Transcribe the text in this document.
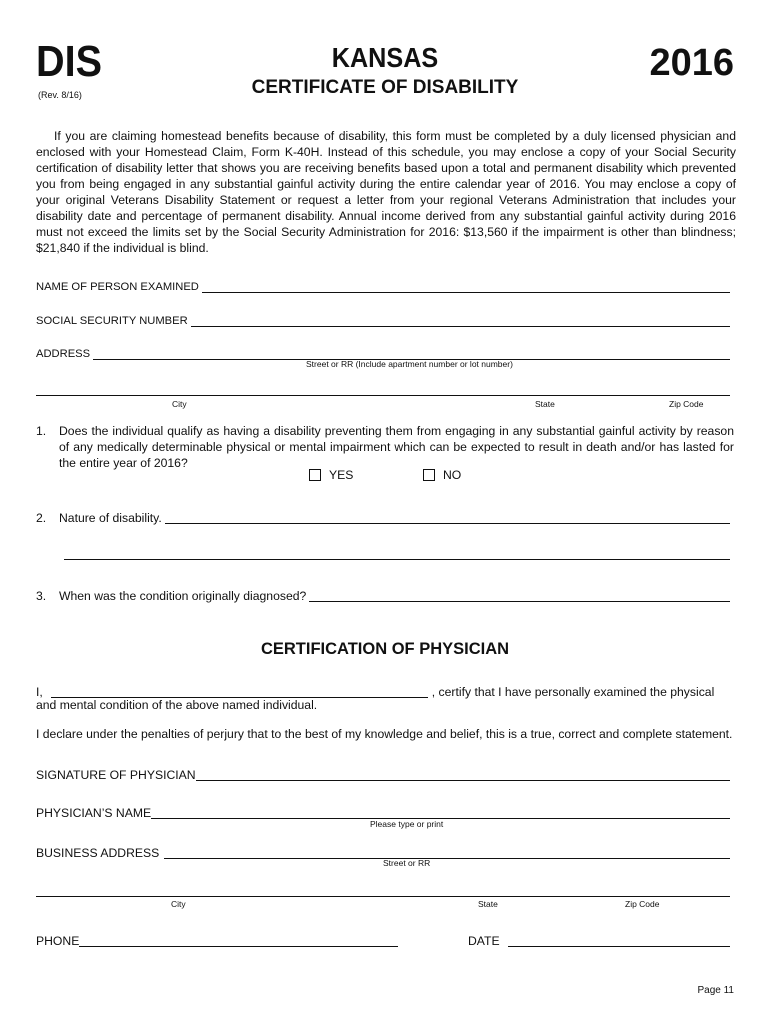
DIS
(Rev. 8/16)
KANSAS
CERTIFICATE OF DISABILITY
2016
If you are claiming homestead benefits because of disability, this form must be completed by a duly licensed physician and enclosed with your Homestead Claim, Form K-40H. Instead of this schedule, you may enclose a copy of your Social Security certification of disability letter that shows you are receiving benefits based upon a total and permanent disability which prevented you from being engaged in any substantial gainful activity during the entire calendar year of 2016. You may enclose a copy of your original Veterans Disability Statement or request a letter from your regional Veterans Administration that includes your disability date and percentage of permanent disability. Annual income derived from any substantial gainful activity during 2016 must not exceed the limits set by the Social Security Administration for 2016: $13,560 if the impairment is other than blindness; $21,840 if the individual is blind.
NAME OF PERSON EXAMINED
SOCIAL SECURITY NUMBER
ADDRESS
Street or RR (Include apartment number or lot number)
City	State	Zip Code
1. Does the individual qualify as having a disability preventing them from engaging in any substantial gainful activity by reason of any medically determinable physical or mental impairment which can be expected to result in death and/or has lasted for the entire year of 2016?
YES	NO
2.	Nature of disability.
3.	When was the condition originally diagnosed?
CERTIFICATION OF PHYSICIAN
I,	, certify that I have personally examined the physical
and mental condition of the above named individual.
I declare under the penalties of perjury that to the best of my knowledge and belief, this is a true, correct and complete statement.
SIGNATURE OF PHYSICIAN
PHYSICIAN’S NAME
Please type or print
BUSINESS ADDRESS
Street or RR
City	State	Zip Code
PHONE	DATE
Page 11
